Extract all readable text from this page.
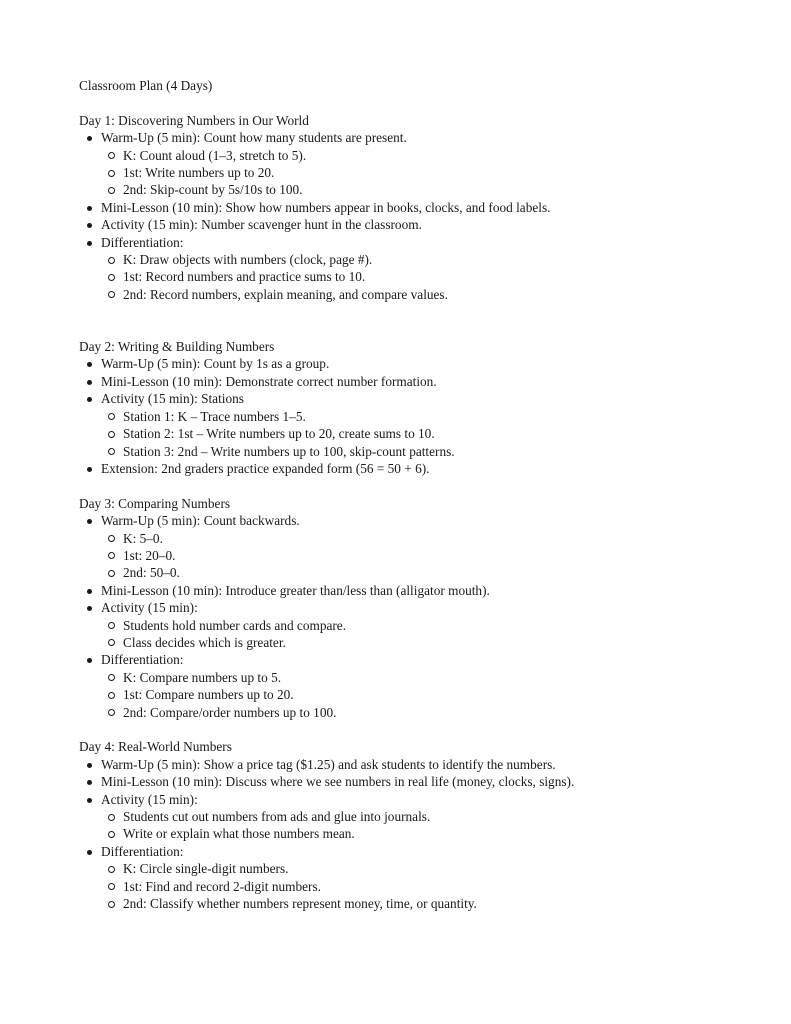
Classroom Plan (4 Days)

Day 1: Discovering Numbers in Our World

Warm-Up (5 min): Count how many students are present.
K: Count aloud (1–3, stretch to 5).
1st: Write numbers up to 20.
2nd: Skip-count by 5s/10s to 100.
Mini-Lesson (10 min): Show how numbers appear in books, clocks, and food labels.
Activity (15 min): Number scavenger hunt in the classroom.
Differentiation:
K: Draw objects with numbers (clock, page #).
1st: Record numbers and practice sums to 10.
2nd: Record numbers, explain meaning, and compare values.

Day 2: Writing & Building Numbers

Warm-Up (5 min): Count by 1s as a group.
Mini-Lesson (10 min): Demonstrate correct number formation.
Activity (15 min): Stations
Station 1: K – Trace numbers 1–5.
Station 2: 1st – Write numbers up to 20, create sums to 10.
Station 3: 2nd – Write numbers up to 100, skip-count patterns.
Extension: 2nd graders practice expanded form (56 = 50 + 6).

Day 3: Comparing Numbers

Warm-Up (5 min): Count backwards.
K: 5–0.
1st: 20–0.
2nd: 50–0.
Mini-Lesson (10 min): Introduce greater than/less than (alligator mouth).
Activity (15 min):
Students hold number cards and compare.
Class decides which is greater.
Differentiation:
K: Compare numbers up to 5.
1st: Compare numbers up to 20.
2nd: Compare/order numbers up to 100.

Day 4: Real-World Numbers

Warm-Up (5 min): Show a price tag ($1.25) and ask students to identify the numbers.
Mini-Lesson (10 min): Discuss where we see numbers in real life (money, clocks, signs).
Activity (15 min):
Students cut out numbers from ads and glue into journals.
Write or explain what those numbers mean.
Differentiation:
K: Circle single-digit numbers.
1st: Find and record 2-digit numbers.
2nd: Classify whether numbers represent money, time, or quantity.
